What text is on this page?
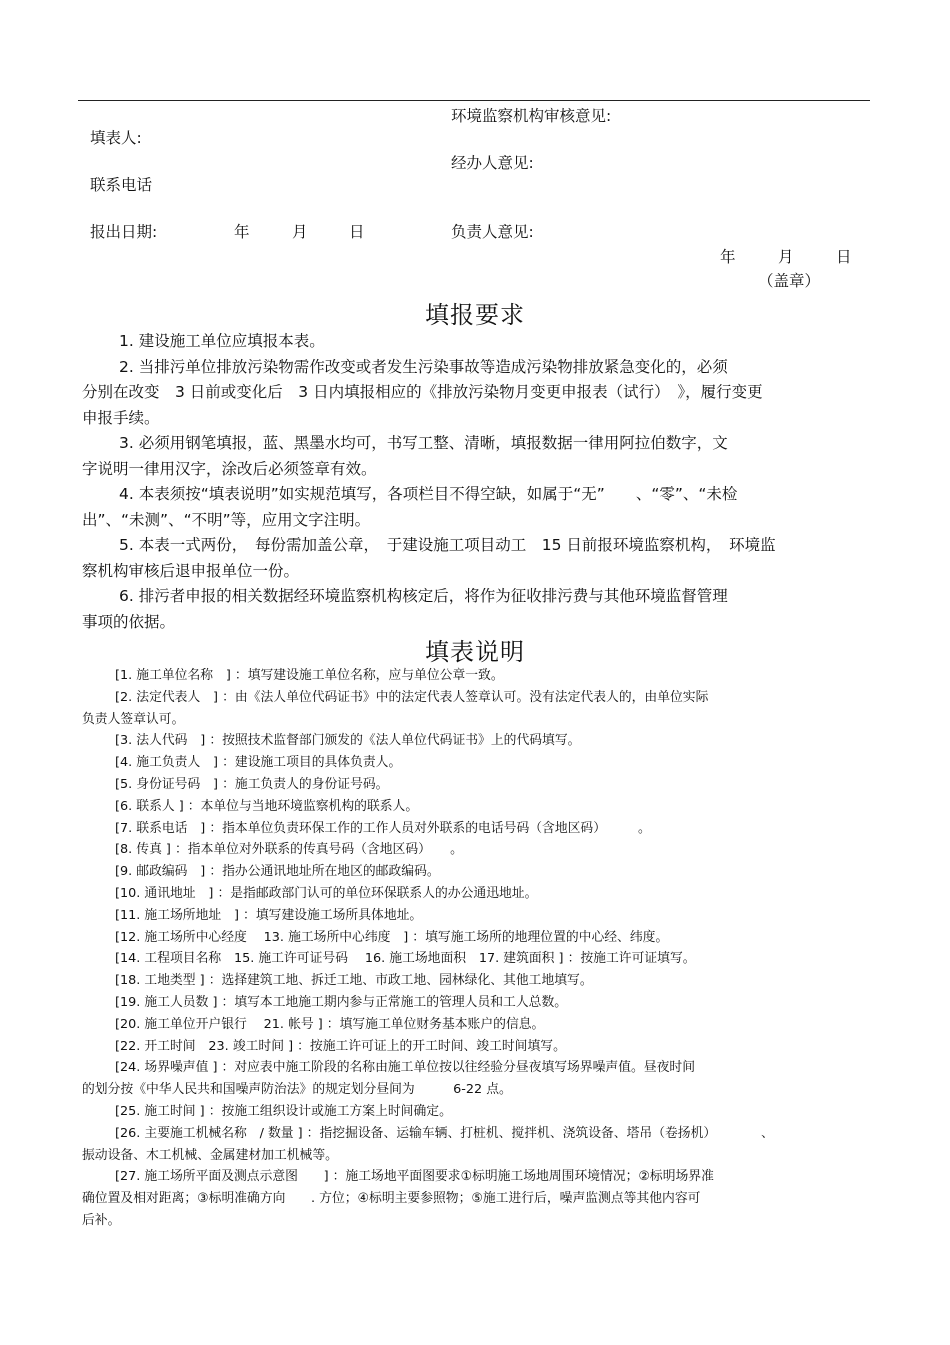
环境监察机构审核意见:
填表人:
经办人意见:
联系电话
报出日期:	年	月	日	负责人意见:
年	月	日
（盖章）
填报要求
1. 建设施工单位应填报本表。
2. 当排污单位排放污染物需作改变或者发生污染事故等造成污染物排放紧急变化的，必须
分别在改变　3 日前或变化后　3 日内填报相应的《排放污染物月变更申报表（试行）　》，履行变更
申报手续。
3. 必须用钢笔填报，蓝、黑墨水均可，书写工整、清晰，填报数据一律用阿拉伯数字，文
字说明一律用汉字，涂改后必须签章有效。
4. 本表须按“填表说明”如实规范填写，各项栏目不得空缺，如属于“无”　　、“零”、“未检
出”、“未测”、“不明”等，应用文字注明。
5. 本表一式两份，　每份需加盖公章，　于建设施工项目动工　15 日前报环境监察机构，　环境监
察机构审核后退申报单位一份。
6. 排污者申报的相关数据经环境监察机构核定后，将作为征收排污费与其他环境监督管理
事项的依据。
填表说明
[1. 施工单位名称　] ：填写建设施工单位名称，应与单位公章一致。
[2. 法定代表人　] ：由《法人单位代码证书》中的法定代表人签章认可。没有法定代表人的，由单位实际
负责人签章认可。
[3. 法人代码　] ：按照技术监督部门颁发的《法人单位代码证书》上的代码填写。
[4. 施工负责人　] ：建设施工项目的具体负责人。
[5. 身份证号码　] ：施工负责人的身份证号码。
[6. 联系人 ] ：本单位与当地环境监察机构的联系人。
[7. 联系电话　] ：指本单位负责环保工作的工作人员对外联系的电话号码（含地区码）　　　。
[8. 传真 ] ：指本单位对外联系的传真号码（含地区码）　　。
[9. 邮政编码　] ：指办公通讯地址所在地区的邮政编码。
[10. 通讯地址　] ：是指邮政部门认可的单位环保联系人的办公通迅地址。
[11. 施工场所地址　] ：填写建设施工场所具体地址。
[12. 施工场所中心经度　 13. 施工场所中心纬度　] ：填写施工场所的地理位置的中心经、纬度。
[14. 工程项目名称　15. 施工许可证号码　 16. 施工场地面积　17. 建筑面积 ] ：按施工许可证填写。
[18. 工地类型 ] ：选择建筑工地、拆迁工地、市政工地、园林绿化、其他工地填写。
[19. 施工人员数 ] ：填写本工地施工期内参与正常施工的管理人员和工人总数。
[20. 施工单位开户银行　 21. 帐号 ] ：填写施工单位财务基本账户的信息。
[22. 开工时间　23. 竣工时间 ] ：按施工许可证上的开工时间、竣工时间填写。
[24. 场界噪声值 ] ：对应表中施工阶段的名称由施工单位按以往经验分昼夜填写场界噪声值。昼夜时间
的划分按《中华人民共和国噪声防治法》的规定划分昼间为　　　6-22 点。
[25. 施工时间 ] ：按施工组织设计或施工方案上时间确定。
[26. 主要施工机械名称　/ 数量 ] ：指挖掘设备、运输车辆、打桩机、搅拌机、浇筑设备、塔吊（卷扬机）　　　　、
振动设备、木工机械、金属建材加工机械等。
[27. 施工场所平面及测点示意图　　] ：施工场地平面图要求①标明施工场地周围环境情况；②标明场界准
确位置及相对距离；③标明准确方向　　. 方位；④标明主要参照物；⑤施工进行后，噪声监测点等其他内容可
后补。
